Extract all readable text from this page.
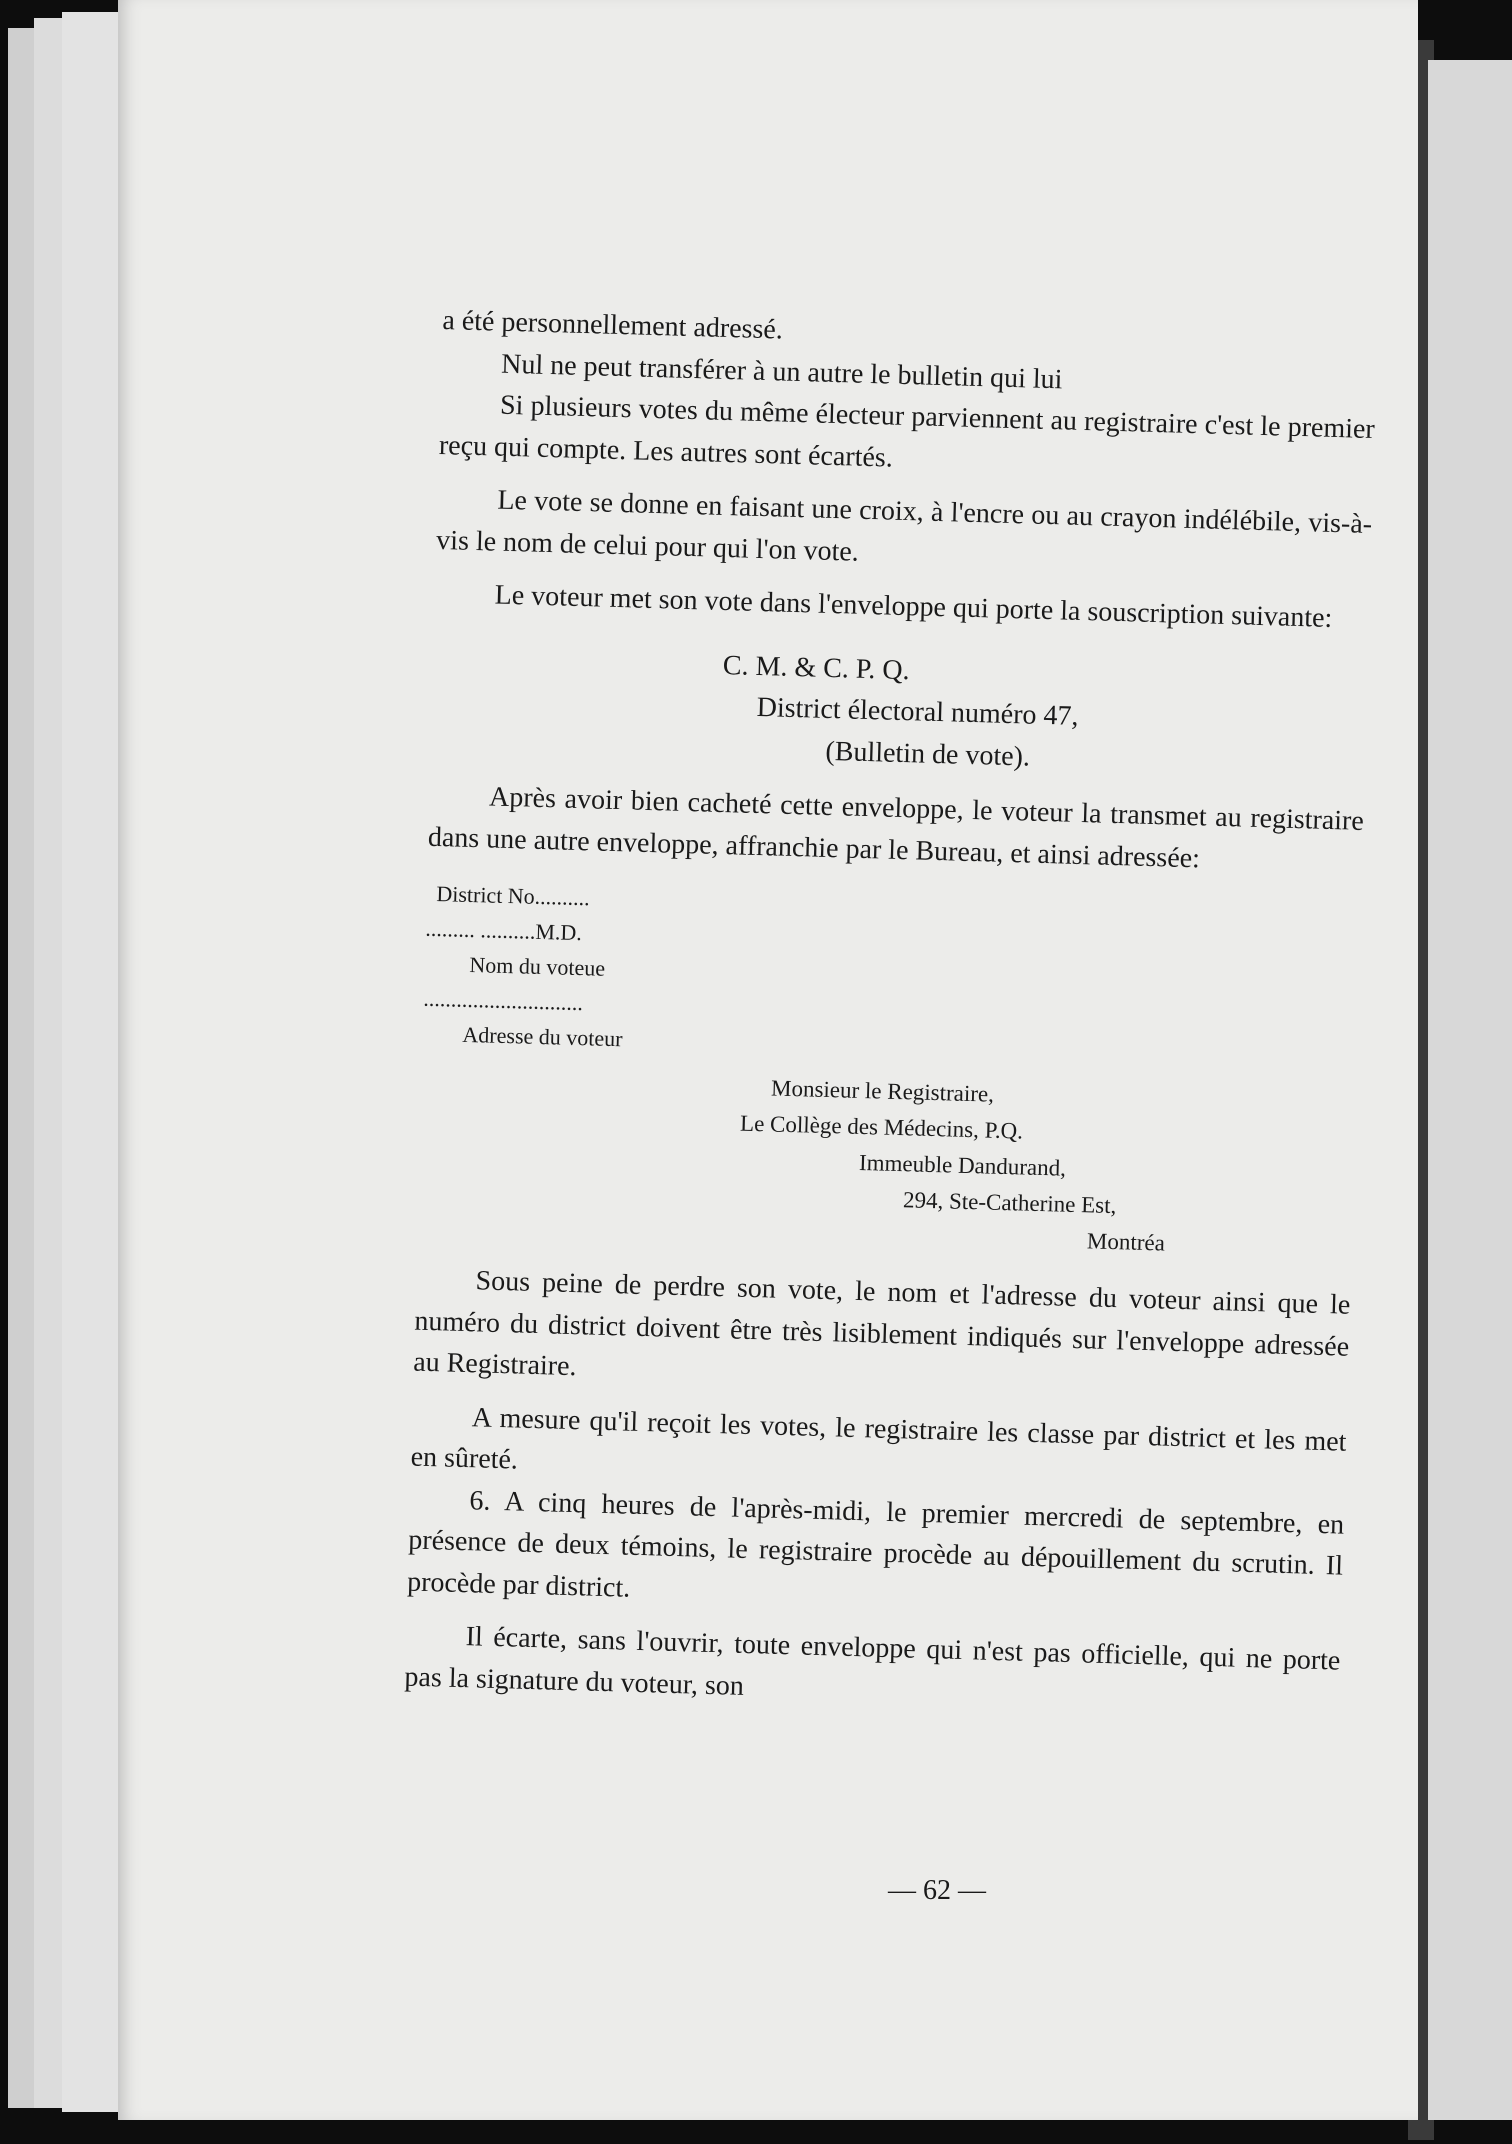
a été personnellement adressé.

Nul ne peut transférer à un autre le bulletin qui lui

Si plusieurs votes du même électeur parviennent au registraire c'est le premier reçu qui compte. Les autres sont écartés.

Le vote se donne en faisant une croix, à l'encre ou au crayon indélébile, vis-à-vis le nom de celui pour qui l'on vote.

Le voteur met son vote dans l'enveloppe qui porte la souscription suivante:

C. M. & C. P. Q.
District électoral numéro 47,
(Bulletin de vote).

Après avoir bien cacheté cette enveloppe, le voteur la transmet au registraire dans une autre enveloppe, affranchie par le Bureau, et ainsi adressée:

District No..........
......... ..........M.D.
Nom du voteue
.............................
Adresse du voteur
Monsieur le Registraire,
Le Collège des Médecins, P.Q.
Immeuble Dandurand,
294, Ste-Catherine Est,
Montréa

Sous peine de perdre son vote, le nom et l'adresse du voteur ainsi que le numéro du district doivent être très lisiblement indiqués sur l'enveloppe adressée au Registraire.

A mesure qu'il reçoit les votes, le registraire les classe par district et les met en sûreté.

6. A cinq heures de l'après-midi, le premier mercredi de septembre, en présence de deux témoins, le registraire procède au dépouillement du scrutin. Il procède par district.

Il écarte, sans l'ouvrir, toute enveloppe qui n'est pas officielle, qui ne porte pas la signature du voteur, son

— 62 —
